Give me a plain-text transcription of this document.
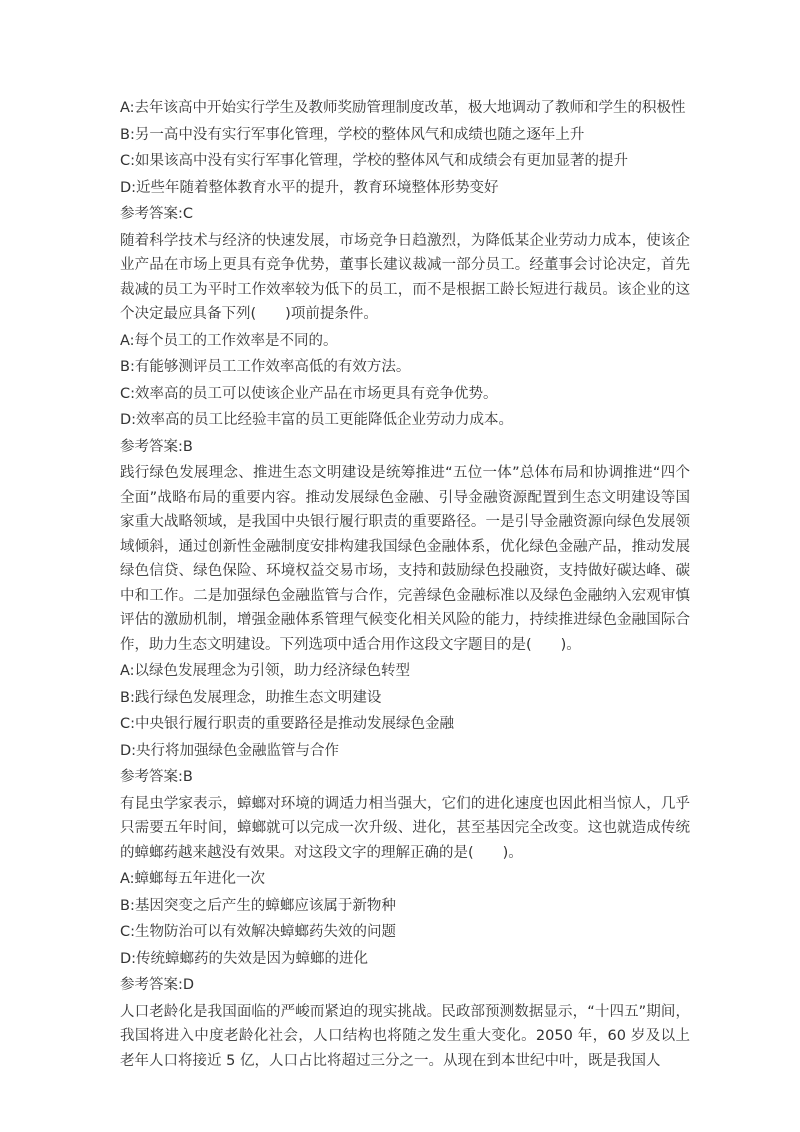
A:去年该高中开始实行学生及教师奖励管理制度改革，极大地调动了教师和学生的积极性
B:另一高中没有实行军事化管理，学校的整体风气和成绩也随之逐年上升
C:如果该高中没有实行军事化管理，学校的整体风气和成绩会有更加显著的提升
D:近些年随着整体教育水平的提升，教育环境整体形势变好
参考答案:C
随着科学技术与经济的快速发展，市场竞争日趋激烈，为降低某企业劳动力成本，使该企业产品在市场上更具有竞争优势，董事长建议裁减一部分员工。经董事会讨论决定，首先裁减的员工为平时工作效率较为低下的员工，而不是根据工龄长短进行裁员。该企业的这个决定最应具备下列(　　)项前提条件。
A:每个员工的工作效率是不同的。
B:有能够测评员工工作效率高低的有效方法。
C:效率高的员工可以使该企业产品在市场更具有竞争优势。
D:效率高的员工比经验丰富的员工更能降低企业劳动力成本。
参考答案:B
践行绿色发展理念、推进生态文明建设是统筹推进“五位一体”总体布局和协调推进“四个全面”战略布局的重要内容。推动发展绿色金融、引导金融资源配置到生态文明建设等国家重大战略领域，是我国中央银行履行职责的重要路径。一是引导金融资源向绿色发展领域倾斜，通过创新性金融制度安排构建我国绿色金融体系，优化绿色金融产品，推动发展绿色信贷、绿色保险、环境权益交易市场，支持和鼓励绿色投融资，支持做好碳达峰、碳中和工作。二是加强绿色金融监管与合作，完善绿色金融标准以及绿色金融纳入宏观审慎评估的激励机制，增强金融体系管理气候变化相关风险的能力，持续推进绿色金融国际合作，助力生态文明建设。下列选项中适合用作这段文字题目的是(　　)。
A:以绿色发展理念为引领，助力经济绿色转型
B:践行绿色发展理念，助推生态文明建设
C:中央银行履行职责的重要路径是推动发展绿色金融
D:央行将加强绿色金融监管与合作
参考答案:B
有昆虫学家表示，蟑螂对环境的调适力相当强大，它们的进化速度也因此相当惊人，几乎只需要五年时间，蟑螂就可以完成一次升级、进化，甚至基因完全改变。这也就造成传统的蟑螂药越来越没有效果。对这段文字的理解正确的是(　　)。
A:蟑螂每五年进化一次
B:基因突变之后产生的蟑螂应该属于新物种
C:生物防治可以有效解决蟑螂药失效的问题
D:传统蟑螂药的失效是因为蟑螂的进化
参考答案:D
人口老龄化是我国面临的严峻而紧迫的现实挑战。民政部预测数据显示，“十四五”期间，我国将进入中度老龄化社会，人口结构也将随之发生重大变化。2050 年，60 岁及以上老年人口将接近 5 亿，人口占比将超过三分之一。从现在到本世纪中叶，既是我国人
